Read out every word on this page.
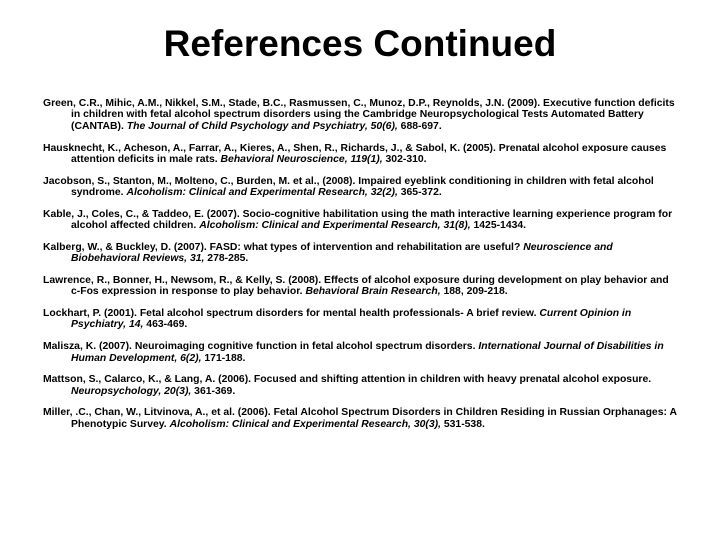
References Continued
Green, C.R., Mihic, A.M., Nikkel, S.M., Stade, B.C., Rasmussen, C., Munoz, D.P., Reynolds, J.N. (2009). Executive function deficits in children with fetal alcohol spectrum disorders using the Cambridge Neuropsychological Tests Automated Battery (CANTAB). The Journal of Child Psychology and Psychiatry, 50(6), 688-697.
Hausknecht, K., Acheson, A., Farrar, A., Kieres, A., Shen, R., Richards, J., & Sabol, K. (2005). Prenatal alcohol exposure causes attention deficits in male rats. Behavioral Neuroscience, 119(1), 302-310.
Jacobson, S., Stanton, M., Molteno, C., Burden, M. et al., (2008). Impaired eyeblink conditioning in children with fetal alcohol syndrome. Alcoholism: Clinical and Experimental Research, 32(2), 365-372.
Kable, J., Coles, C., & Taddeo, E. (2007). Socio-cognitive habilitation using the math interactive learning experience program for alcohol affected children. Alcoholism: Clinical and Experimental Research, 31(8), 1425-1434.
Kalberg, W., & Buckley, D. (2007). FASD: what types of intervention and rehabilitation are useful? Neuroscience and Biobehavioral Reviews, 31, 278-285.
Lawrence, R., Bonner, H., Newsom, R., & Kelly, S. (2008). Effects of alcohol exposure during development on play behavior and c-Fos expression in response to play behavior. Behavioral Brain Research, 188, 209-218.
Lockhart, P. (2001). Fetal alcohol spectrum disorders for mental health professionals- A brief review. Current Opinion in Psychiatry, 14, 463-469.
Malisza, K. (2007). Neuroimaging cognitive function in fetal alcohol spectrum disorders. International Journal of Disabilities in Human Development, 6(2), 171-188.
Mattson, S., Calarco, K., & Lang, A. (2006). Focused and shifting attention in children with heavy prenatal alcohol exposure. Neuropsychology, 20(3), 361-369.
Miller, .C., Chan, W., Litvinova, A., et al. (2006). Fetal Alcohol Spectrum Disorders in Children Residing in Russian Orphanages: A Phenotypic Survey. Alcoholism: Clinical and Experimental Research, 30(3), 531-538.
